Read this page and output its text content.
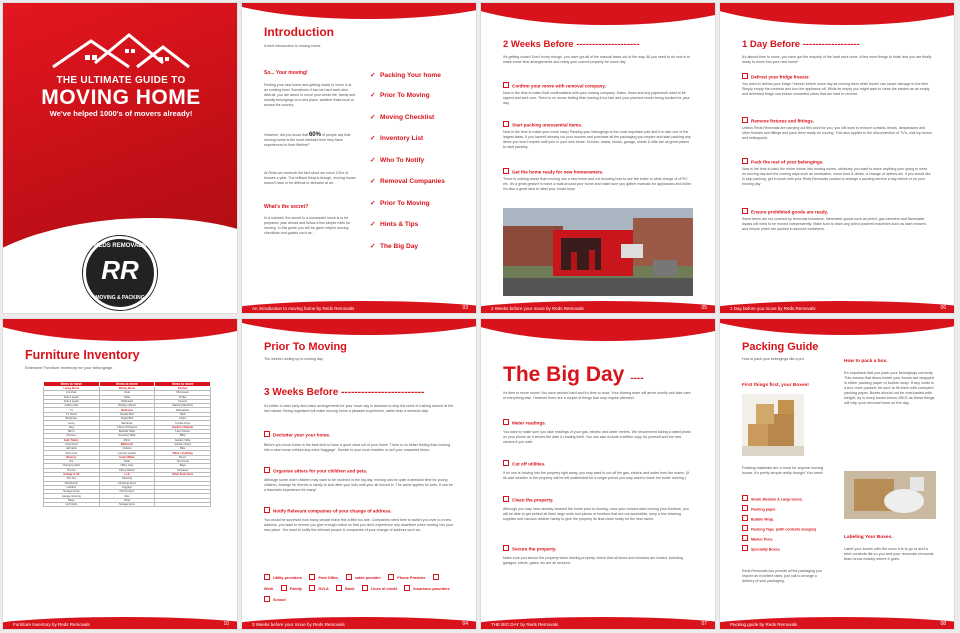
THE ULTIMATE GUIDE TO
MOVING HOME
We've helped 1000's of movers already!
REDS REMOVALS
RR
MOVING & PACKING
Introduction
A brief introduction to moving home.
So... Your moving!
Finding your new home and getting ready to move in is an exciting time! Sometimes it can be hard work also. Afterall, you are about to move your whole life, family and worldly belongings to a new place, weather thats local or across the country.
However, did you know that 60% of people say that moving home is the most stressful time they have experienced in their lifetime?
At Reds we overtook the fact since we move 100's of houses a year. The brilliant thing is though, moving house doesn't have to be difficult or stressful at all.
What's the secret?
In a nutshell, the secret to a successful move is to be prepared, plan ahead and follow a few simple rules for moving. In this guide you will be given helpful moving checklists and guides such as...
✓ Packing Your home
✓ Prior To Moving
✓ Moving Checklist
✓ Inventory List
✓ Who To Notify
✓ Removal Companies
✓ Prior To Moving
✓ Hints & Tips
✓ The Big Day
An introduction to moving home by Reds Removals	03
2 Weeks Before --------------------
It's getting closer! Don't worry though, you have got all of the manual tasks out of the way. All you need to do now is to make some final arrangements and ready your current property for move day.
Confirm your move with removal company.
Now is the time to make final confirmations with your moving company. Dates, times and any paperwork want to be signed and sent over. There is no worse feeling than leaving it too late and your planned mover being booked for your day.
Start packing unessential items.
Now is the time to make your move easy! Packing your belongings is the most important part and it is also one of the largest tasks. If you haven't already cut your movers and purchase all the packaging you require and start packing any items you won't require until your in your new home. Closets, draws, books, garage, sheds & lofts are all great places to start packing.
Get the home ready for new homeowners.
There is nothing worse than moving into a new home and not knowing how to use the boiler or what charge of uPVC etc. It's a great gesture to have a walk around your home and make sure you gather manuals for appliances and boiler. It's also a great idea to label your house keys.
2 Weeks before your move by Reds Removals	05
1 Day Before ------------------
It's almost time to move, you have got the majority of the hard work done. A few more things to finish and you are finally ready to move into your new home!
Defrost your fridge freezer.
You want to defrost your fridge / freezer before move day as moving them while frozen can cause damage to the item. Simply empty the contents and turn the appliance off. While its empty you might want to clean the insides as an empty and defrosted fridge can induce unwanted odors that are hard to remove.
Remove fixtures and fittings.
Unless Reds Removals are carrying out this work for you, you will want to remove curtains, blinds, lampshades and other fixtures and fittings and pack them ready for moving. This also applies to the disconnection of TV's, wall top boxes and whitegoods.
Pack the rest of your belongings.
Now is the time to pack the entire house into moving boxes, obviously you want to leave anything your going to need on moving day and the coming days such as medication, some food & drinks, a change of clothes etc. If you would like to skip packing, get in touch with your Reds Removals contact to arrange a packing service a day before or on your moving day.
Ensure prohibited goods are ready.
Some items are not covered by removals insurance, flammable goods such as petrol, gas canisters and flammable liquids will need to be moved independently. Make sure to drain any petrol powered machines such as lawn mowers and ensure petrol are packed in secured containers.
1 Day before you move by Reds Removals	06
Furniture Inventory
Extensive Furniture Inventory for your belongings.
Items to move	Items to move	Items to move
Living Room	Dining Room	Kitchen
Armchair	Chair	Microwave
Sofa 2 seater	Table	Fridge
Sofa 3 seater	Sideboard	Freezer
Coffee table	Display cabinet	Washing Machine
TV	Bedroom	Dishwasher
TV Stand	Double Bed	Table
Bookcase	Single Bed	Chairs
Lamp	Wardrobe	Tumble Dryer
Rug	Chest of Drawers	Garden / Outside
Mirror	Bedside Table	Lawn Mower
Pictures	Dressing Table	BBQ
Hall / Stairs	Mirror	Garden Table
Coat stand	Bathroom	Garden Chairs
Hall table	Cabinet	Bike
Shoe rack	Laundry basket	Other / Anything
Nursery	Home Office	Boxes
Cot	Desk	Tea chests
Changing table	Office chair	Bags
Toy box	Filing cabinet	Suitcases
Garage / Loft	Loft	Other Items Here
Tool box	Shelving	
Workbench	Christmas Decs	
Ladders	Luggage	
Storage boxes	Old Furniture	
Garage shelving	Misc	
Bikes	Other	
Golf clubs	Storage items	
Furniture Inventory by Reds Removals	10
Prior To Moving
The weeks running up to moving day.
3 Weeks Before -------------------------
It's better to start early and make arrangements for your move day in advance to stop the need of rushing around at the last minute. Being organised will make moving home a pleasant experience, rather than a stressful day!
Declutter your your home.
Before you move home is the best time to have a good clear out of your home. There is no better feeling than moving into a new house without any extra 'baggage'. Donate to your local charities or sell your unwanted items.
Organise sitters for your children and pets.
Although some older children may want to be involved in the big day, moving can be quite a stressful time for young children. Arrange for friends or family to look after your kids until your all moved in. The same applies for pets. It can be a traumatic experience for many!
Notify Relevant companies of your change of address.
You would be surprised how many people leave this a little too late. Companies need time to switch you over to a new address, you want to ensure you give enough notice so that you don't experience any downtime when moving into your new place. You want to notify the relevant people & companies of your change of address such as...
Utility providers	Post Office	cable provider	Phone Provider Work	Family	DVLA	Bank	Lines of credit	Insurance providers School
3 Weeks before your move by Reds Removals	04
The Big Day ----
It's time to move home! You have worked hard and it's time to relax. Your Moving team will arrive shortly and take care of everything else. However there are a couple of things that may require attention.
Meter readings.
You want to make sure you take readings of your gas, electric and water meters. We recommend taking a dated photo on your phone as it serves the date & reading itself. You can also include a written copy for yourself and the new owners if you wish.
Cut off utilities.
If no one is moving into the property right away, you may want to cut off the gas, electric and water from the mains. (If its cold weather or the property will be left unattended for a longer period you may want to leave the boiler running.)
Clean the property.
Although you may have already cleaned the home prior to moving, once your movers start moving your furniture, you will be able to get behind all them large units and pieces of furniture that are not accessible, keep a few cleaning supplies and vacuum cleaner handy to give the property its final clean ready for the new owner.
Secure the property.
Make sure you secure the property when leaving property, check that all doors and windows are locked, including garages, sheds, gates, etc are all secured.
THE BIG DAY by Reds Removals	07
Packing Guide
How to pack your belongings like a pro.
First things first, your Boxes!
Packing materials are a must for anyone moving house, it's pretty simple really though! You need:
Small, Medium & Large boxes.
Packing paper.
Bubble Wrap.
Packing Tape. (with contents designs)
Marker Pens.
Speciality Boxes.
Reds Removals can provide all the packaging you require an excellent rates, just call to arrange a delivery of your packaging.
How to pack a box.
It's important that you pack your belongings correctly. This means that items inside your boxes are wrapped in either packing paper or bubble wrap. If any voids in a box once packed, be sure to fill them with crumpled packing paper. Boxes should not be overloaded with weight, try to keep boxes below 15KG as these things will help your removal team on the day.
Labeling Your Boxes.
Label your boxes with the room it is to go to and a brief contents list so you and your removals removals team know exactly where it goes.
Packing guide by Reds Removals	08
